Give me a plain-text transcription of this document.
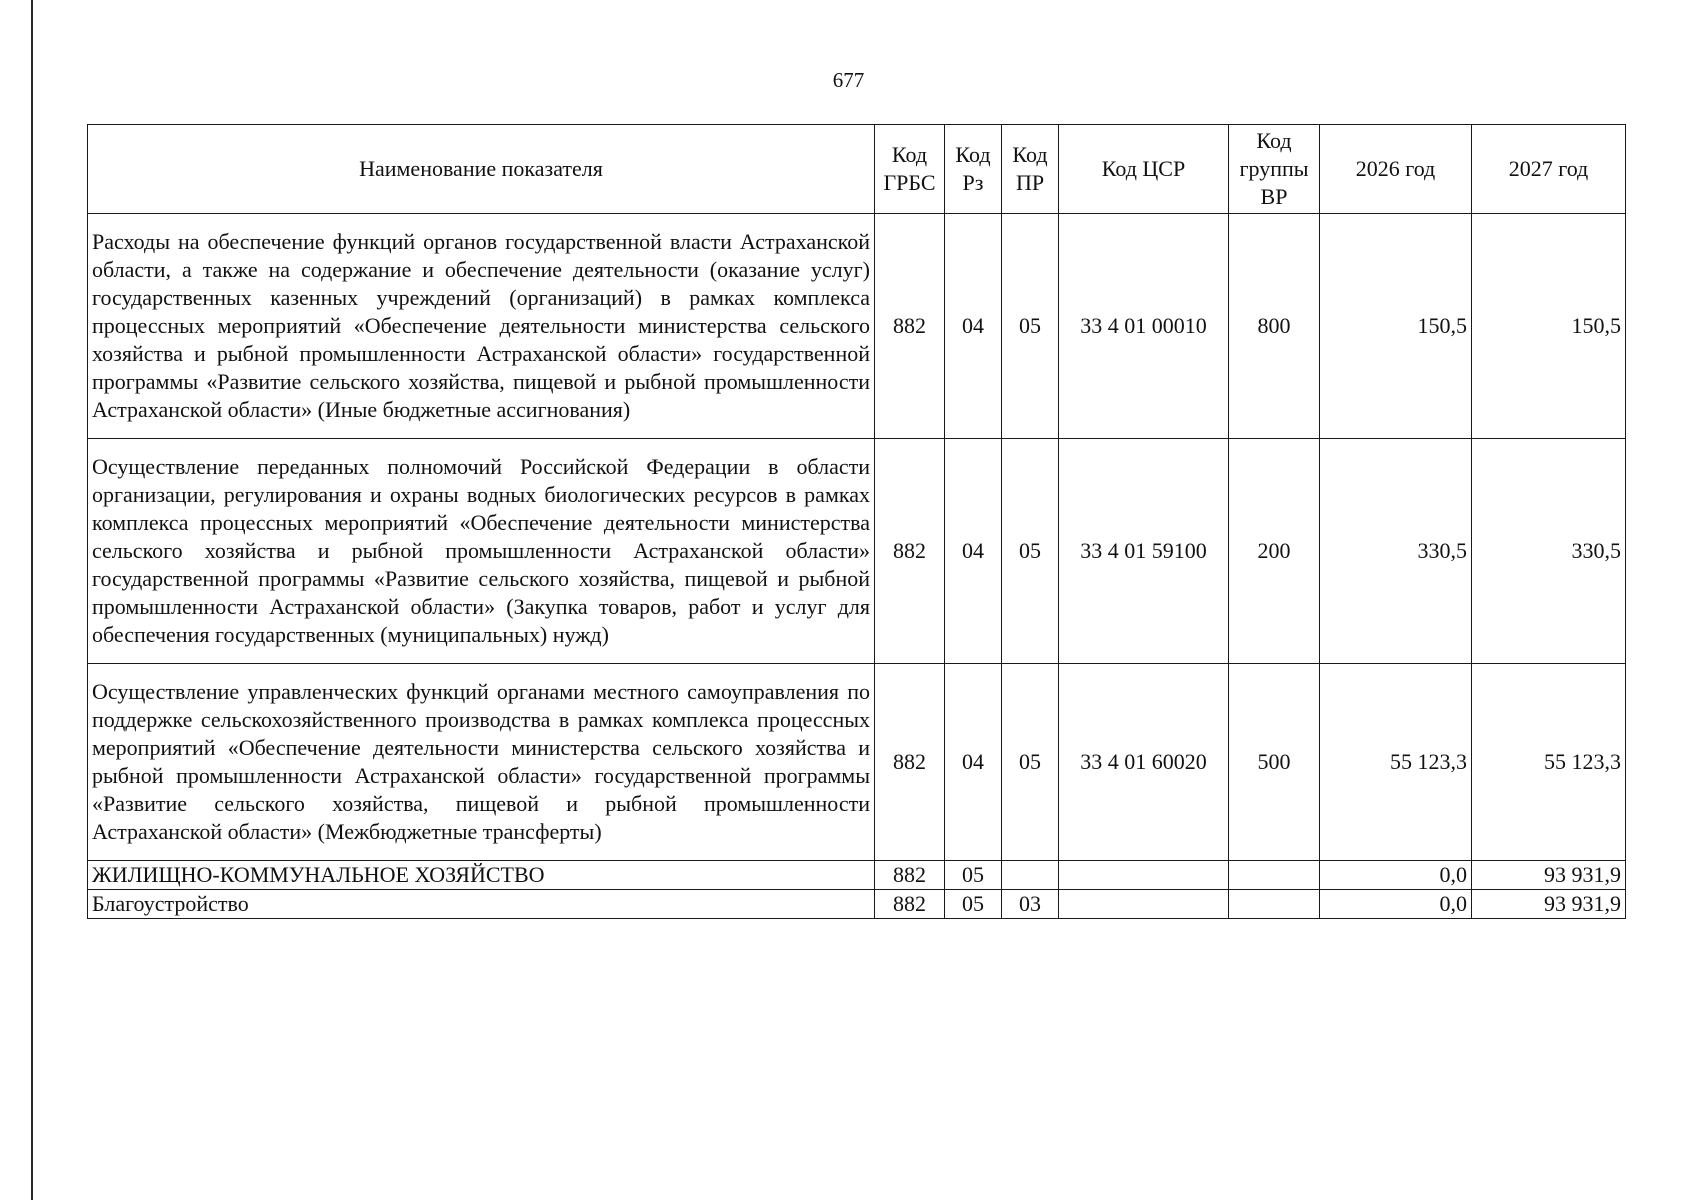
677
Наименование показателя	Код ГРБС	Код Рз	Код ПР	Код ЦСР	Код группы ВР	2026 год	2027 год
Расходы на обеспечение функций органов государственной власти Астраханской области, а также на содержание и обеспечение деятельности (оказание услуг) государственных казенных учреждений (организаций) в рамках комплекса процессных мероприятий «Обеспечение деятельности министерства сельского хозяйства и рыбной промышленности Астраханской области» государственной программы «Развитие сельского хозяйства, пищевой и рыбной промышленности Астраханской области» (Иные бюджетные ассигнования)	882	04	05	33 4 01 00010	800	150,5	150,5
Осуществление переданных полномочий Российской Федерации в области организации, регулирования и охраны водных биологических ресурсов в рамках комплекса процессных мероприятий «Обеспечение деятельности министерства сельского хозяйства и рыбной промышленности Астраханской области» государственной программы «Развитие сельского хозяйства, пищевой и рыбной промышленности Астраханской области» (Закупка товаров, работ и услуг для обеспечения государственных (муниципальных) нужд)	882	04	05	33 4 01 59100	200	330,5	330,5
Осуществление управленческих функций органами местного самоуправления по поддержке сельскохозяйственного производства в рамках комплекса процессных мероприятий «Обеспечение деятельности министерства сельского хозяйства и рыбной промышленности Астраханской области» государственной программы «Развитие сельского хозяйства, пищевой и рыбной промышленности Астраханской области» (Межбюджетные трансферты)	882	04	05	33 4 01 60020	500	55 123,3	55 123,3
ЖИЛИЩНО-КОММУНАЛЬНОЕ ХОЗЯЙСТВО	882	05				0,0	93 931,9
Благоустройство	882	05	03			0,0	93 931,9
